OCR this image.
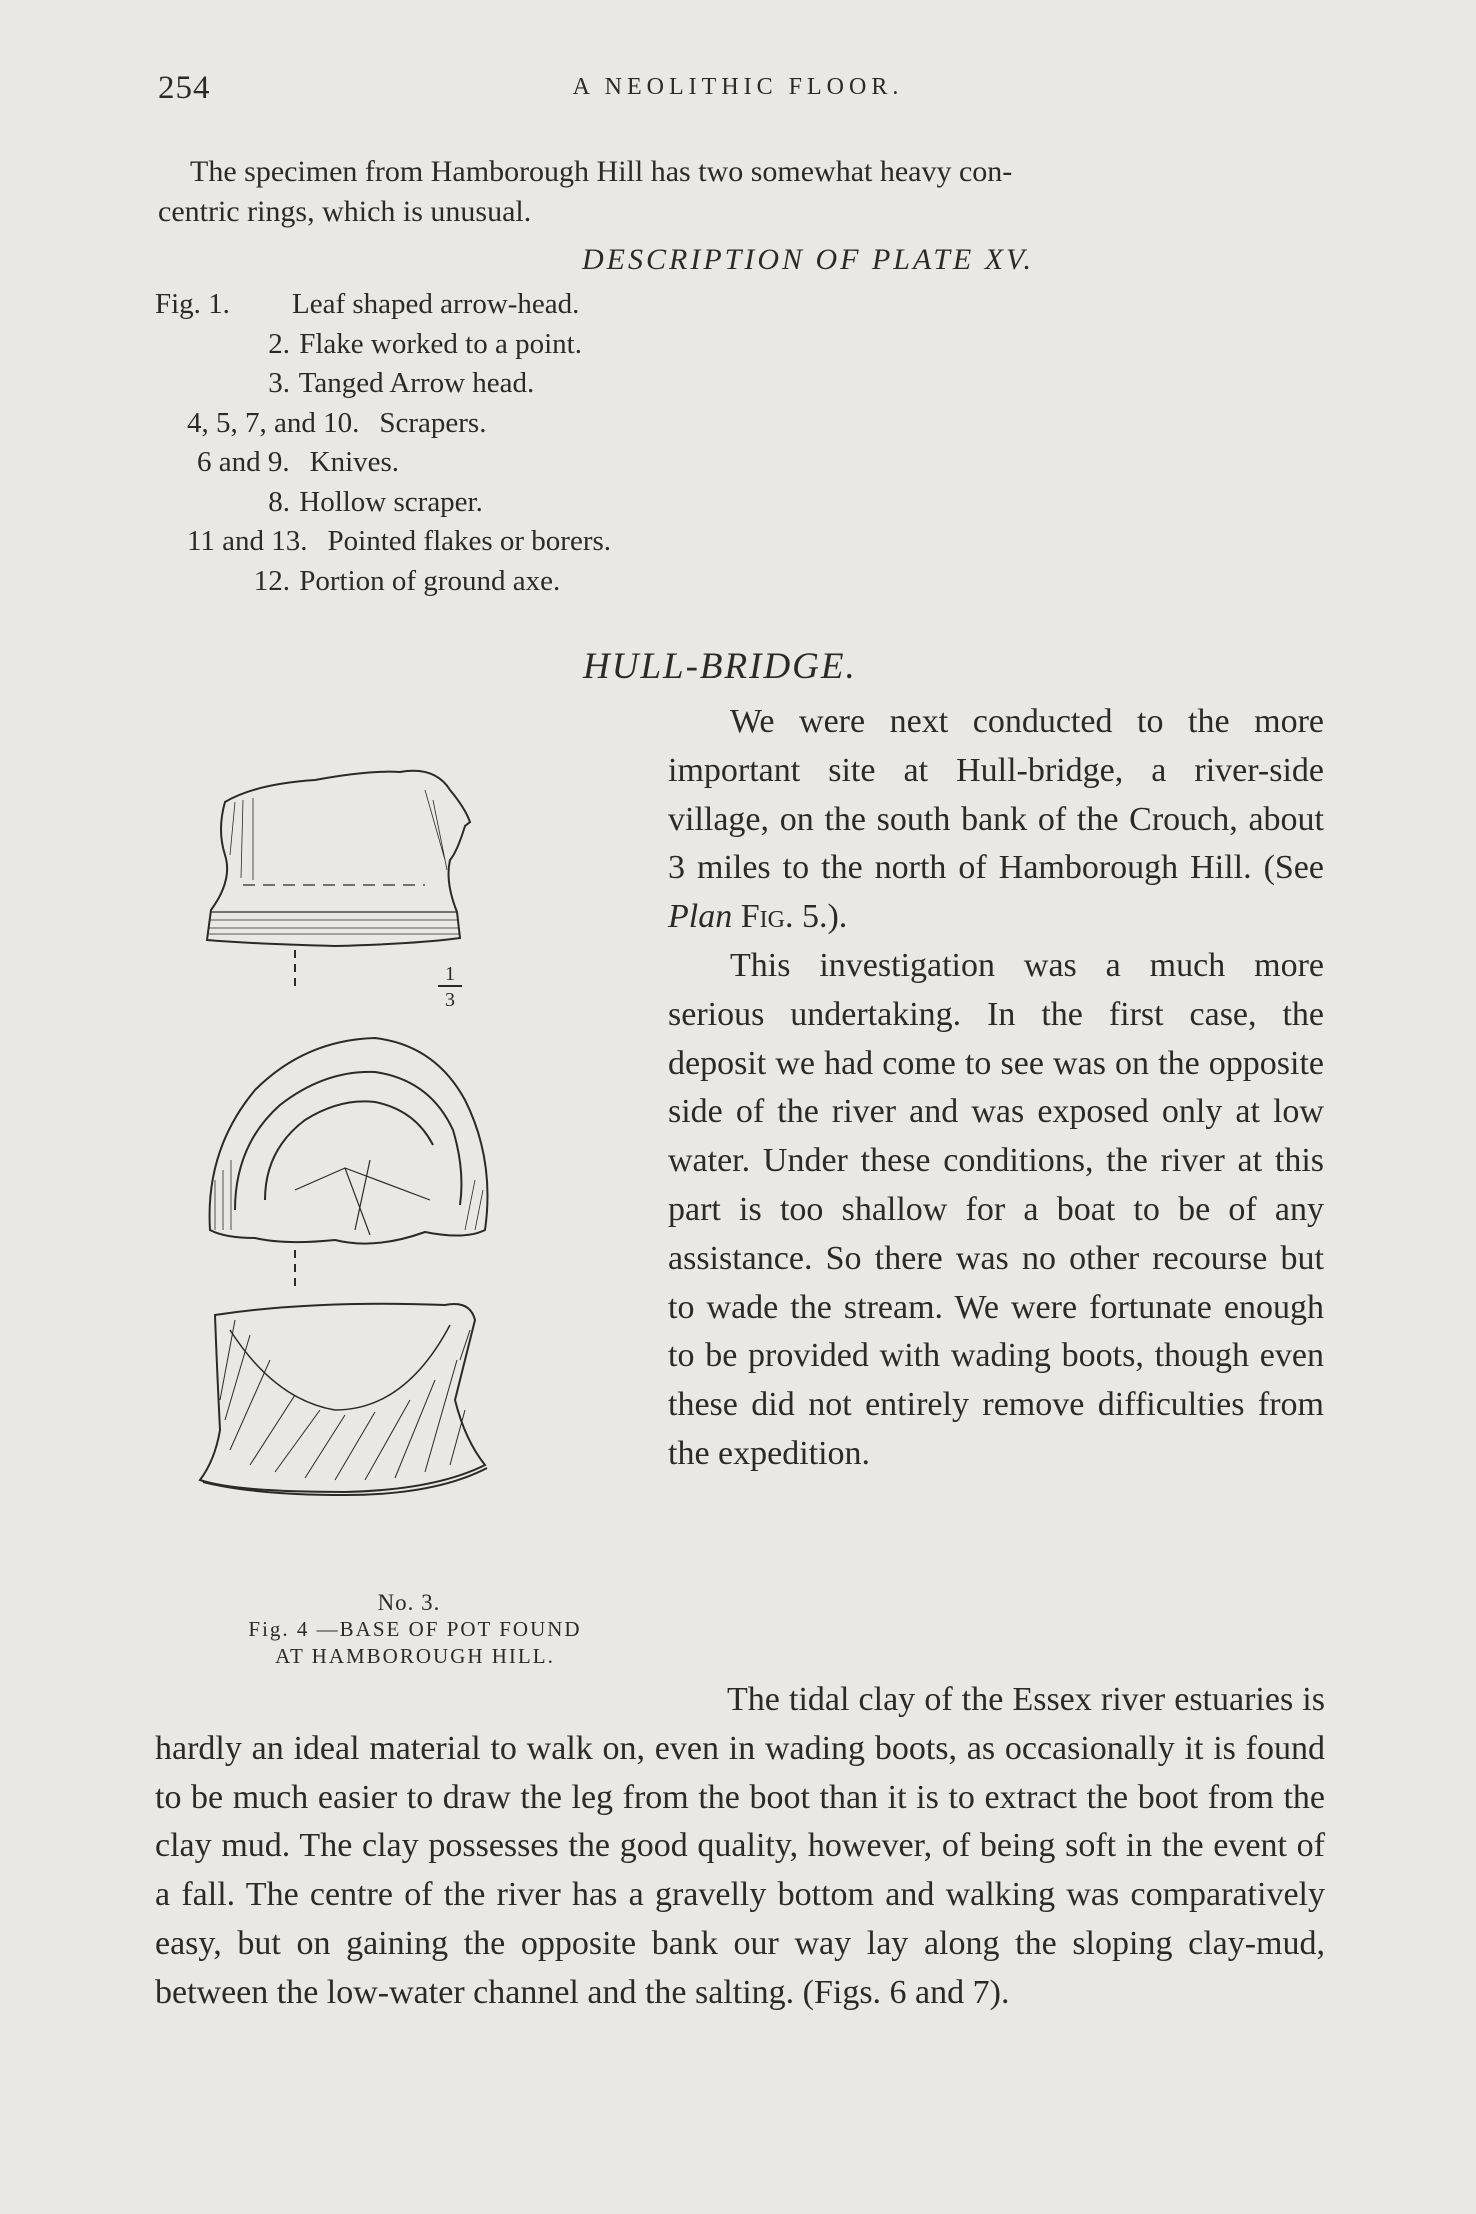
254	A NEOLITHIC FLOOR.
The specimen from Hamborough Hill has two somewhat heavy con-
centric rings, which is unusual.
DESCRIPTION OF PLATE XV.
Fig. 1. Leaf shaped arrow-head.
2. Flake worked to a point.
3. Tanged Arrow head.
4, 5, 7, and 10. Scrapers.
6 and 9. Knives.
8. Hollow scraper.
11 and 13. Pointed flakes or borers.
12. Portion of ground axe.
HULL-BRIDGE.

We were next conducted to the more important site at Hull-bridge, a river-side village, on the south bank of the Crouch, about 3 miles to the north of Hamborough Hill. (See Plan Fig. 5.).

This investigation was a much more serious undertaking. In the first case, the deposit we had come to see was on the opposite side of the river and was exposed only at low water. Under these conditions, the river at this part is too shallow for a boat to be of any assistance. So there was no other recourse but to wade the stream. We were fortunate enough to be provided with wading boots, though even these did not entirely remove difficulties from the expedition.

The tidal clay of the Essex river estuaries is hardly an ideal material to walk on, even in wading boots, as occasionally it is found to be much easier to draw the leg from the boot than it is to extract the boot from the clay mud. The clay possesses the good quality, however, of being soft in the event of a fall. The centre of the river has a gravelly bottom and walking was comparatively easy, but on gaining the opposite bank our way lay along the sloping clay-mud, between the low-water channel and the salting. (Figs. 6 and 7).

1
3
No. 3.
Fig. 4 —BASE OF POT FOUND
AT HAMBOROUGH HILL.
